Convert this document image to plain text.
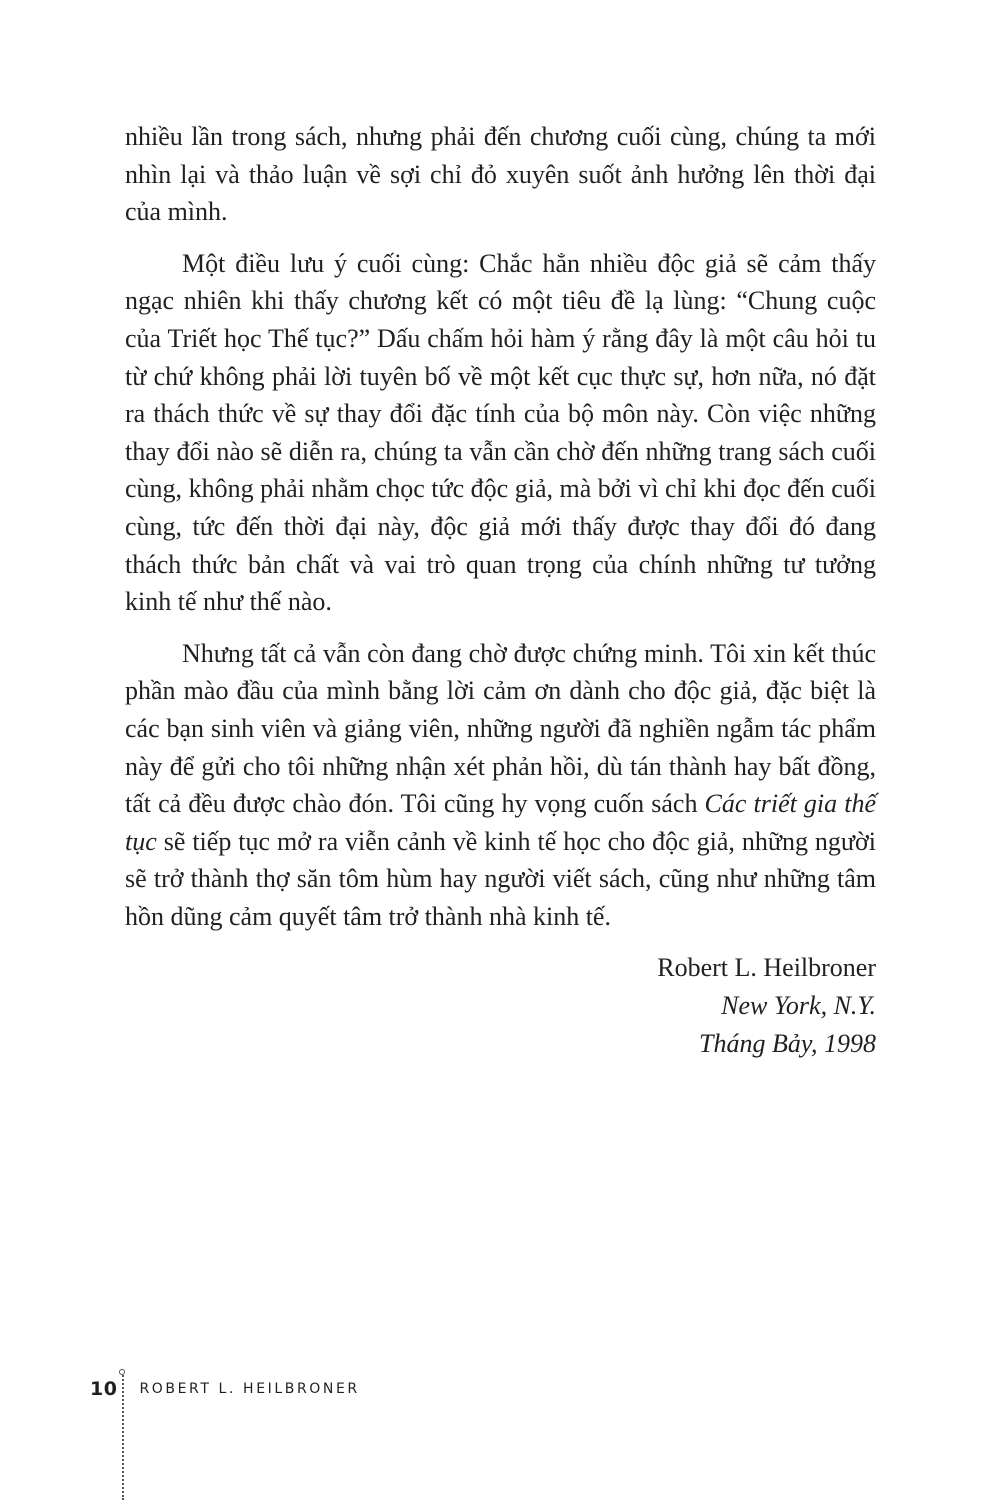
nhiều lần trong sách, nhưng phải đến chương cuối cùng, chúng ta mới nhìn lại và thảo luận về sợi chỉ đỏ xuyên suốt ảnh hưởng lên thời đại của mình.

Một điều lưu ý cuối cùng: Chắc hẳn nhiều độc giả sẽ cảm thấy ngạc nhiên khi thấy chương kết có một tiêu đề lạ lùng: “Chung cuộc của Triết học Thế tục?” Dấu chấm hỏi hàm ý rằng đây là một câu hỏi tu từ chứ không phải lời tuyên bố về một kết cục thực sự, hơn nữa, nó đặt ra thách thức về sự thay đổi đặc tính của bộ môn này. Còn việc những thay đổi nào sẽ diễn ra, chúng ta vẫn cần chờ đến những trang sách cuối cùng, không phải nhằm chọc tức độc giả, mà bởi vì chỉ khi đọc đến cuối cùng, tức đến thời đại này, độc giả mới thấy được thay đổi đó đang thách thức bản chất và vai trò quan trọng của chính những tư tưởng kinh tế như thế nào.

Nhưng tất cả vẫn còn đang chờ được chứng minh. Tôi xin kết thúc phần mào đầu của mình bằng lời cảm ơn dành cho độc giả, đặc biệt là các bạn sinh viên và giảng viên, những người đã nghiền ngẫm tác phẩm này để gửi cho tôi những nhận xét phản hồi, dù tán thành hay bất đồng, tất cả đều được chào đón. Tôi cũng hy vọng cuốn sách Các triết gia thế tục sẽ tiếp tục mở ra viễn cảnh về kinh tế học cho độc giả, những người sẽ trở thành thợ săn tôm hùm hay người viết sách, cũng như những tâm hồn dũng cảm quyết tâm trở thành nhà kinh tế.

Robert L. Heilbroner
New York, N.Y.
Tháng Bảy, 1998
10 ROBERT L. HEILBRONER
